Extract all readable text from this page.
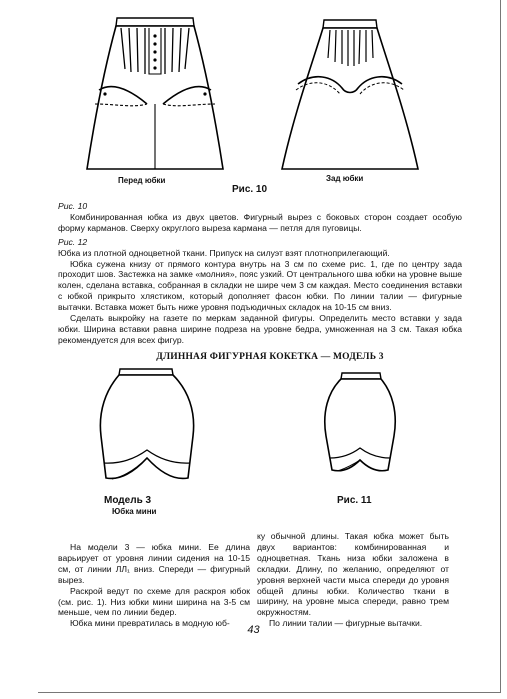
Перед юбки
Рис. 10
Зад юбки

Рис. 10

Комбинированная юбка из двух цветов. Фигурный вырез с боковых сторон создает особую форму карманов. Сверху округлого выреза кармана — петля для пуговицы.

Рис. 12

Юбка из плотной одноцветной ткани. Припуск на силуэт взят плотноприлегающий.

Юбка сужена книзу от прямого контура внутрь на 3 см по схеме рис. 1, где по центру зада проходит шов. Застежка на замке «молния», пояс узкий. От центрального шва юбки на уровне выше колен, сделана вставка, собранная в складки не шире чем 3 см каждая. Место соединения вставки с юбкой прикрыто хлястиком, который дополняет фасон юбки. По линии талии — фигурные вытачки. Вставка может быть ниже уровня подъюдичных складок на 10-15 см вниз.

Сделать выкройку на газете по меркам заданной фигуры. Определить место вставки у зада юбки. Ширина вставки равна ширине подреза на уровне бедра, умноженная на 3 см. Такая юбка рекомендуется для всех фигур.

ДЛИННАЯ ФИГУРНАЯ КОКЕТКА — МОДЕЛЬ 3
Модель 3
Юбка мини
Рис. 11

На модели 3 — юбка мини. Ее длина варьирует от уровня линии сидения на 10-15 см, от линии ЛЛ₁ вниз. Спереди — фигурный вырез.

Раскрой ведут по схеме для раскроя юбок (см. рис. 1). Низ юбки мини ширина на 3-5 см меньше, чем по линии бедер.

Юбка мини превратилась в модную юб-

ку обычной длины. Такая юбка может быть двух вариантов: комбинированная и одноцветная. Ткань низа юбки заложена в складки. Длину, по желанию, определяют от уровня верхней части мыса спереди до уровня общей длины юбки. Количество ткани в ширину, на уровне мыса спереди, равно трем окружностям.

По линии талии — фигурные вытачки.

43
